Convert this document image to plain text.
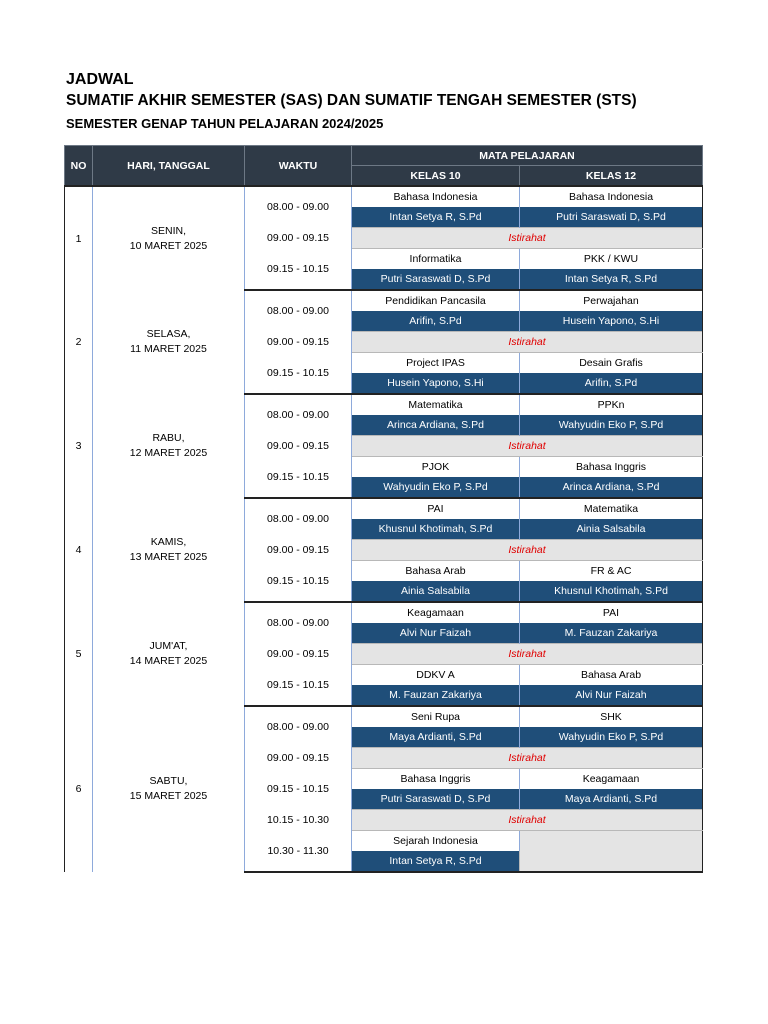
JADWAL
SUMATIF AKHIR SEMESTER (SAS) DAN SUMATIF TENGAH SEMESTER (STS)
SEMESTER GENAP TAHUN PELAJARAN 2024/2025
NO	HARI, TANGGAL	WAKTU	MATA PELAJARAN	
			KELAS 10	KELAS 12
1	SENIN,
10 MARET 2025	08.00 - 09.00	Bahasa Indonesia	Bahasa Indonesia
			Intan Setya R, S.Pd	Putri Saraswati D, S.Pd
		09.00 - 09.15	Istirahat	
		09.15 - 10.15	Informatika	PKK / KWU
			Putri Saraswati D, S.Pd	Intan Setya R, S.Pd
2	SELASA,
11 MARET 2025	08.00 - 09.00	Pendidikan Pancasila	Perwajahan
			Arifin, S.Pd	Husein Yapono, S.Hi
		09.00 - 09.15	Istirahat	
		09.15 - 10.15	Project IPAS	Desain Grafis
			Husein Yapono, S.Hi	Arifin, S.Pd
3	RABU,
12 MARET 2025	08.00 - 09.00	Matematika	PPKn
			Arinca Ardiana, S.Pd	Wahyudin Eko P, S.Pd
		09.00 - 09.15	Istirahat	
		09.15 - 10.15	PJOK	Bahasa Inggris
			Wahyudin Eko P, S.Pd	Arinca Ardiana, S.Pd
4	KAMIS,
13 MARET 2025	08.00 - 09.00	PAI	Matematika
			Khusnul Khotimah, S.Pd	Ainia Salsabila
		09.00 - 09.15	Istirahat	
		09.15 - 10.15	Bahasa Arab	FR & AC
			Ainia Salsabila	Khusnul Khotimah, S.Pd
5	JUM'AT,
14 MARET 2025	08.00 - 09.00	Keagamaan	PAI
			Alvi Nur Faizah	M. Fauzan Zakariya
		09.00 - 09.15	Istirahat	
		09.15 - 10.15	DDKV A	Bahasa Arab
			M. Fauzan Zakariya	Alvi Nur Faizah
6	SABTU,
15 MARET 2025	08.00 - 09.00	Seni Rupa	SHK
			Maya Ardianti, S.Pd	Wahyudin Eko P, S.Pd
		09.00 - 09.15	Istirahat	
		09.15 - 10.15	Bahasa Inggris	Keagamaan
			Putri Saraswati D, S.Pd	Maya Ardianti, S.Pd
		10.15 - 10.30	Istirahat	
		10.30 - 11.30	Sejarah Indonesia	
			Intan Setya R, S.Pd	
